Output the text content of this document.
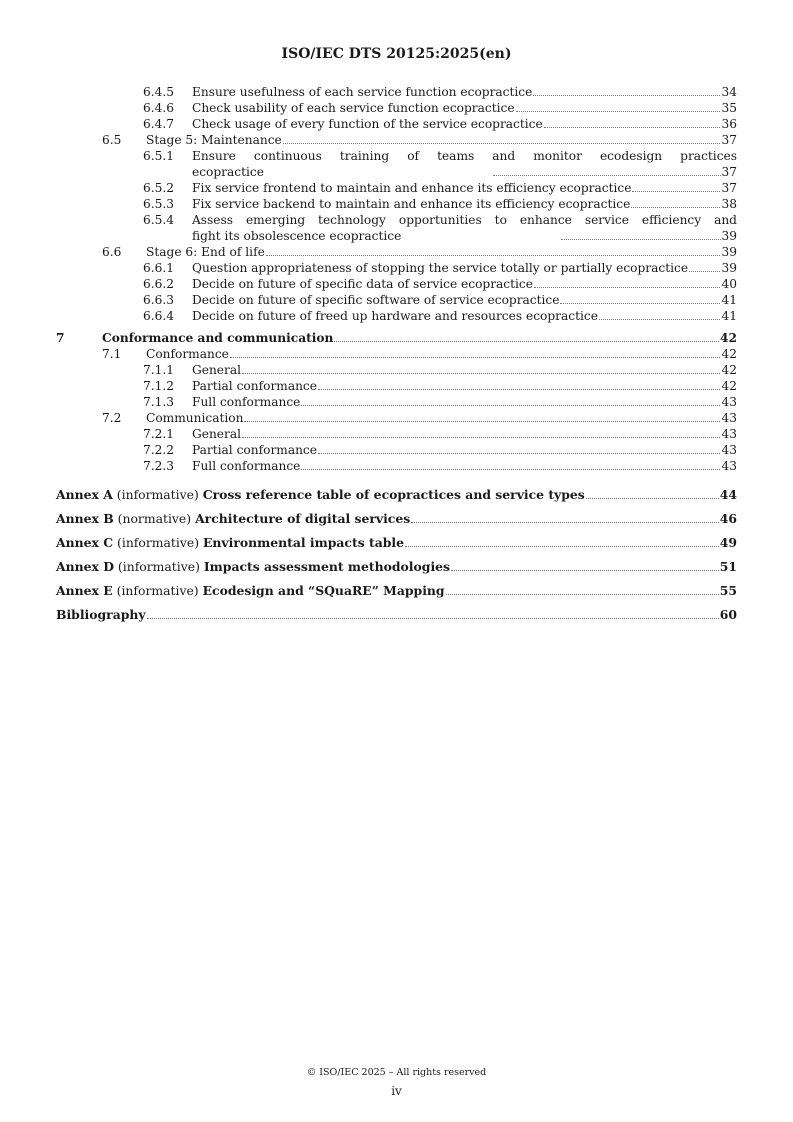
ISO/IEC DTS 20125:2025(en)
6.4.5	Ensure usefulness of each service function ecopractice	34
6.4.6	Check usability of each service function ecopractice	35
6.4.7	Check usage of every function of the service ecopractice	36
6.5	Stage 5: Maintenance	37
6.5.1	Ensure continuous training of teams and monitor ecodesign practices
ecopractice	37
6.5.2	Fix service frontend to maintain and enhance its efficiency ecopractice	37
6.5.3	Fix service backend to maintain and enhance its efficiency ecopractice	38
6.5.4	Assess emerging technology opportunities to enhance service efficiency and
fight its obsolescence ecopractice	39
6.6	Stage 6: End of life	39
6.6.1	Question appropriateness of stopping the service totally or partially ecopractice	39
6.6.2	Decide on future of specific data of service ecopractice	40
6.6.3	Decide on future of specific software of service ecopractice	41
6.6.4	Decide on future of freed up hardware and resources ecopractice	41
7	Conformance and communication	42
7.1	Conformance	42
7.1.1	General	42
7.1.2	Partial conformance	42
7.1.3	Full conformance	43
7.2	Communication	43
7.2.1	General	43
7.2.2	Partial conformance	43
7.2.3	Full conformance	43
Annex A (informative) Cross reference table of ecopractices and service types	44
Annex B (normative) Architecture of digital services	46
Annex C (informative) Environmental impacts table	49
Annex D (informative) Impacts assessment methodologies	51
Annex E (informative) Ecodesign and “SQuaRE” Mapping	55
Bibliography	60
© ISO/IEC 2025 – All rights reserved
iv
